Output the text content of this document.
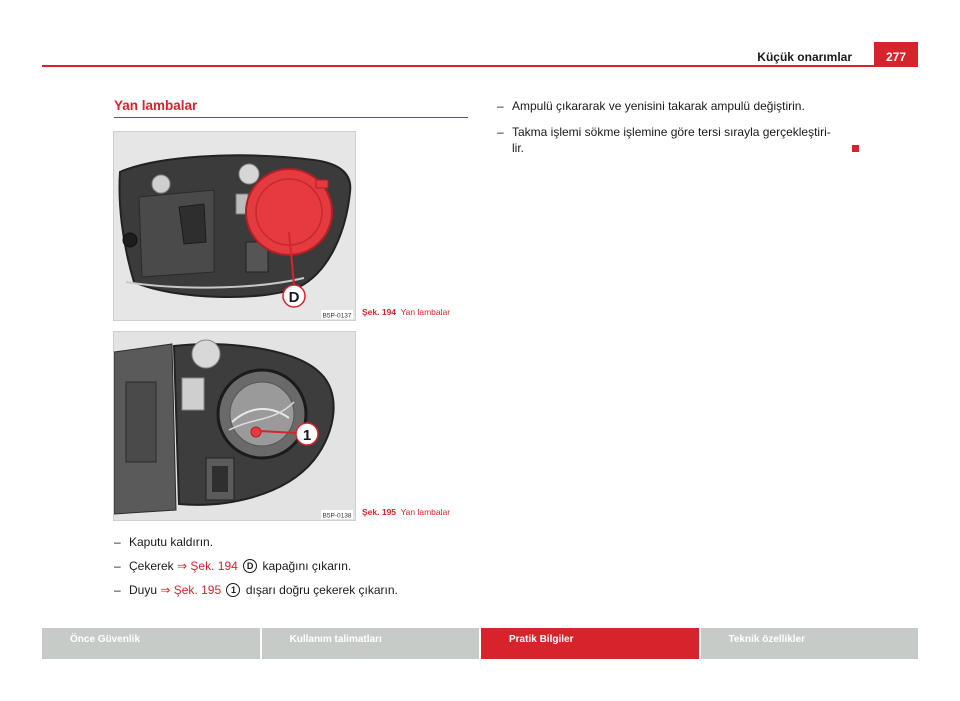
Küçük onarımlar	277
Yan lambalar
D
B5P-0137 Şek. 194 Yan lambalar
1
B5P-0138 Şek. 195 Yan lambalar
– Kaputu kaldırın.
– Çekerek ⇒ Şek. 194 D kapağını çıkarın.
– Duyu ⇒ Şek. 195 1 dışarı doğru çekerek çıkarın.
– Ampulü çıkararak ve yenisini takarak ampulü değiştirin.
– Takma işlemi sökme işlemine göre tersi sırayla gerçekleştiri-
lir.
Önce Güvenlik	Kullanım talimatları	Pratik Bilgiler	Teknik özellikler
